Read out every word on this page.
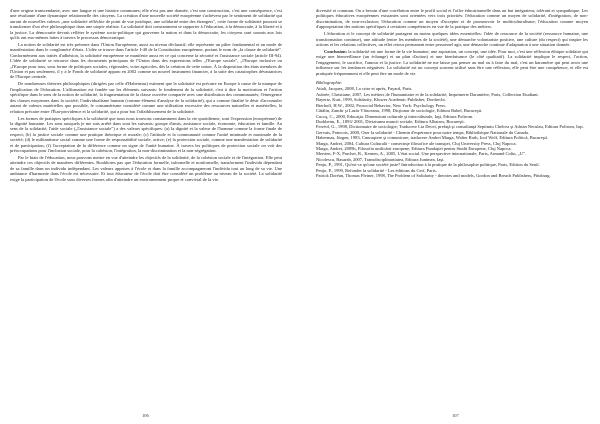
d'une origine transcendante, avec une langue et une histoire communes; elle n'est pas une donnée, c'est une construction, c'est une conséquence, c'est une résultante d'une dynamique relationnelle des citoyens. La création d'une nouvelle société européenne s'achèvera par le sentiment de solidarité qui auront de nouvelles valeurs „une solidarité réfléchie de point de vue juridique, une solidarité entre des étrangers", cette forme de solidarité pourrait se transformer d'un rêve philosophique dans une utopie réaliste. La solidarité doit constamment se rapporter à l'éducation, à la démocratie, à la liberté et à la justice. La démocratie devrait refléter le système socio-politique qui gouverne la nation et dans la démocratie, les citoyens sont soumis aux lois qu'ils ont eux-mêmes faites à travers le processus démocratique.

La notion de solidarité est très présente dans l'Union Européenne, aussi au niveau déclaratif; elle représente un pilier fondamental et un mode de manifestation dans le congloméré d'états. L'idée se trouve dans l'article I-40 de la Constitution européenne, portant le nom de „la clause de solidarité". Conformément aux traités d'adhésion, la solidarité européenne se manifeste aussi en ce qui concerne la sécurité et l'assistance sociale (article III-94). L'idée de solidarité se retrouve dans les documents principaux de l'Union dans des expressions telles „l'Europe sociale", „l'Europe inclusive ou „l'Europe pour tous, sous forme de politiques sociales, régionales, voire agricoles, dès la création de cette union. À la disposition des états membres de l'Union et pas seulement, il y a le Fonds de solidarité apparu en 2002 comme un nouvel instrument financier, à la suite des catastrophes dévastatrices de l'Europe centrale.

De nombreuses théories philosophiques (dirigées par celle d'Habermas) estiment que la solidarité est précaire en Europe à cause de la manque de l'implication de l'éducation. L'affirmation est fondée sur les éléments suivants: le fondement de la solidarité, c'est à dire la motivation et l'action spécifique dans le sens de la notion de solidarité, la fragmentation de la classe ouvrière comparée avec une distribution des communautés; l'émergence des classes moyennes dans la société; l'individualisme humain (comme élément d'analyse de la solidarité), qui a comme finalité le désir d'accumuler autant de valeurs matérielles que possible, le consumérisme considéré comme une utilisation excessive des ressources naturelles et matérielles; la relation précaire entre l'État-providence et la solidarité, qui a pour but l'affaiblissement de la solidarité.

Les formes de pratiques spécifiques à la solidarité que nous nous trouvons constamment dans la vie quotidienne, sont l'expression (européenne) de la dignité humaine. Les sens auxquels je me suis arrêté dans sont les suivants: groupe d'amis, assistance sociale, économie, éducation et famille. Au sens de la solidarité, l'aide sociale („l'assistance sociale") a des valeurs spécifiques: (a) la dignité et la valeur de l'homme comme la forme finale de respect; (b) la justice sociale comme une pratique théorique et morale; (c) l'attitude et la communauté comme l'unité minimale et maximale de la société; (d) le militantisme social comme une forme de responsabilité sociale, active; (e) la protection sociale, comme une manifestation de solidarité et de participation; (f) l'acceptation de la différence comme un signe de l'unité humaine. À travers les politiques de protection sociale on voit des préoccupations pour l'inclusion sociale, pour la cohésion, l'intégration, la non-discrimination et la non-ségrégation.

Par le biais de l'éducation, nous pouvons mettre en vue d'atteindre les objectifs de la solidarité, de la cohésion sociale et de l'intégration. Elle peut atteindre ces objectifs de manières différentes. Rouhliotes pas que l'éducation formelle, informelle et nonformelle, transforment l'individu dépendant de sa famille dans un individu indépendant. Les valeurs apprises à l'école et dans la famille accompagneront l'individu tout au long de sa vie. Une ambiance d'harmonie dans l'école est nécessaire. Et tout éducateur de l'école doit être considéré un problème au niveau de la société. La solidarité exige la participation de l'école sous diverses formes afin d'atteindre un environnement propre et convivial de la vie.

106

diversité et commun. On a besoin d'une corrélation entre le profil social et l'offre éducationnelle dans un but intégrateur, tolérant et sympathique. Les politiques éducatives européennes existantes sont orientées vers trois priorités: l'éducation comme un moyen de solidarité, d'intégration, de non-discrimination, de non-exclusion; l'éducation comme un moyen d'accepter et de promouvoir le multiculturalisme; l'éducation comme moyen d'appropriation des notions spécifiques à certaines compétences en vue de la pratique des métiers.

L'éducation et le concept de solidarité partagent au moins quelques idées essentielles: l'idée de ressource de la société (ressource humaine, une transformation continue), une attitude (entre les membres de la société), une démarche volontariste positive, une culture (du respect) qui inspire les actions et les relations collectives, un effet retour permanent entre personnel agir, une démarche continue d'adaptation à une situation donnée.

Conclusion: la solidarité est une forme de la vie humaine, une aspiration, un concept, une idée. Pour moi, c'est une réflexion éthique solidaire qui exige une bienveillance (un échange) et un plan d'action) et une bienfaisance (le côté qualitatif). La solidarité implique le respect, l'action, l'engagement, le sacrifice, l'amour et la justice. La solidarité ne me laisse pas penser au mal ou à faire du mal, c'est un baromètre qui peut avoir une influence sur les tendances négatives. La solidarité est un concept souvent utilisé sans être une réflexion, elle peut être une compétence, et elle est pratiquée fréquemment et elle peut être un mode de vie.

Bibliographie:

Attali, Jacques, 2008, La crise et après, Fayard, Paris.

Aubrée, Christiane, 2007, Les métiers de l'humanitaire et de la solidarité, Imprimerie Darantière, Paris, Collection Etudiant.

Bayertz, Kurt, 1999, Solidarity, Kluwer Academic Publisher, Dordrecht.

Bierhoff, H.W., 2002, Prosocial Behavior, New York: Psychology Press.

Cătălin, Zamfir şi Lazăr Vlăsceanu, 1998, Dicţionar de sociologie, Editura Babel, Bucureşti.

Cucoş, C., 2000, Educaţia. Dimensiuni culturale şi interculturale, Iaşi, Editura Polirom.

Durkheim, E., 1893/ 2001, Diviziunea muncii sociale, Editura Albatros, Bucureşti.

Ferréol, G., 1998, Dictionnaire de sociologie; Traducere Lia Decei, prefaţă şi consultanţă Septimiu Chelcea şi Adrian Neculau, Editura Polirom, Iaşi.

Gervais, Francois, 2000, Oser la solidarité - Chemin d'espérance pour notre temps, Bibliothèque Nationale du Canada.

Habermas, Jürgen, 1983, Cunoaştere şi comunicare, traducere Andrei Marga, Walter Roth, Ioof Wolf, Editura Politică, Bucureşti.

Marga, Andrei, 2004, Cultura Culturală - consecinţe filosofice ale transţiei, Cluj University Press, Cluj Napoca.

Marga, Andrei, 2009b, Filosofia unificării europene, Editura Fundaţiei pentru Studii Europene, Cluj Napoca.

Merrien, F-X, Parchet, R., Kernen, A., 2005, L'état social. Une perspective internationale, Paris, Armand Colin, „U".

Nicolescu, Basarab, 2007, Transdisciplinaritatea, Editura Junimea, Iaşi.

Penjo, P., 1991, Qu'est-ce qu'une société juste? Introduction à la pratique de la philosophie politique, Paris, Edition du Seuil.

Penjo, P., 1999, Refonder la solidarité - Les éditions du Cerf, Paris.

Patrick Doréan, Thomas Fleiner, 1998, The Problem of Solidarity - theories and models, Gordon and Breach Publishers, Pittsburg.

107
